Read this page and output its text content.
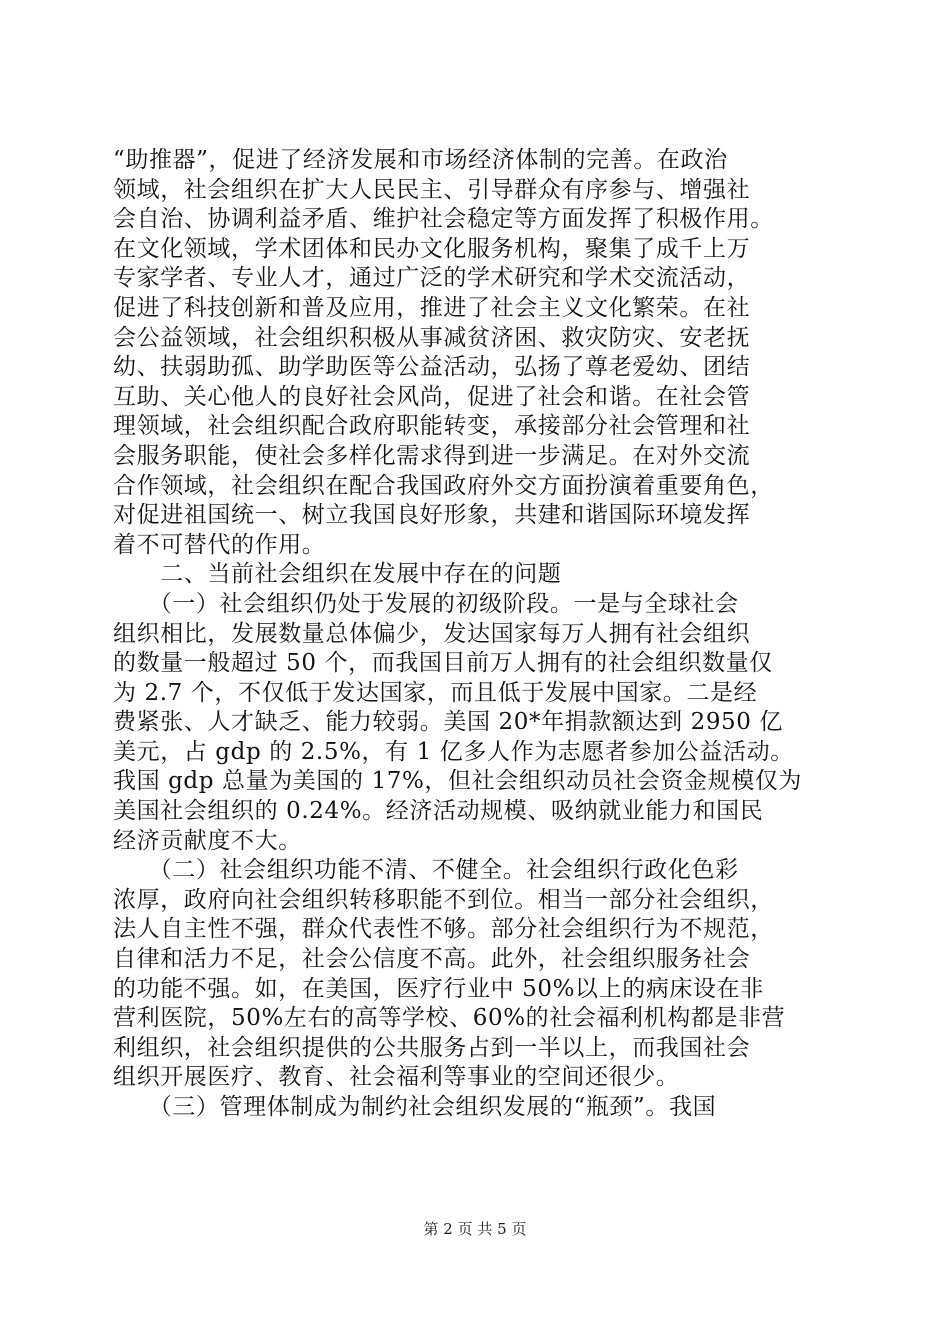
“助推器”，促进了经济发展和市场经济体制的完善。在政治
领域，社会组织在扩大人民民主、引导群众有序参与、增强社
会自治、协调利益矛盾、维护社会稳定等方面发挥了积极作用。
在文化领域，学术团体和民办文化服务机构，聚集了成千上万
专家学者、专业人才，通过广泛的学术研究和学术交流活动，
促进了科技创新和普及应用，推进了社会主义文化繁荣。在社
会公益领域，社会组织积极从事减贫济困、救灾防灾、安老抚
幼、扶弱助孤、助学助医等公益活动，弘扬了尊老爱幼、团结
互助、关心他人的良好社会风尚，促进了社会和谐。在社会管
理领域，社会组织配合政府职能转变，承接部分社会管理和社
会服务职能，使社会多样化需求得到进一步满足。在对外交流
合作领域，社会组织在配合我国政府外交方面扮演着重要角色，
对促进祖国统一、树立我国良好形象，共建和谐国际环境发挥
着不可替代的作用。
　　二、当前社会组织在发展中存在的问题
　　（一）社会组织仍处于发展的初级阶段。一是与全球社会
组织相比，发展数量总体偏少，发达国家每万人拥有社会组织
的数量一般超过 50 个，而我国目前万人拥有的社会组织数量仅
为 2.7 个，不仅低于发达国家，而且低于发展中国家。二是经
费紧张、人才缺乏、能力较弱。美国 20*年捐款额达到 2950 亿
美元，占 gdp 的 2.5%，有 1 亿多人作为志愿者参加公益活动。
我国 gdp 总量为美国的 17%，但社会组织动员社会资金规模仅为
美国社会组织的 0.24%。经济活动规模、吸纳就业能力和国民
经济贡献度不大。
　　（二）社会组织功能不清、不健全。社会组织行政化色彩
浓厚，政府向社会组织转移职能不到位。相当一部分社会组织，
法人自主性不强，群众代表性不够。部分社会组织行为不规范，
自律和活力不足，社会公信度不高。此外，社会组织服务社会
的功能不强。如，在美国，医疗行业中 50%以上的病床设在非
营利医院，50%左右的高等学校、60%的社会福利机构都是非营
利组织，社会组织提供的公共服务占到一半以上，而我国社会
组织开展医疗、教育、社会福利等事业的空间还很少。
　　（三）管理体制成为制约社会组织发展的“瓶颈”。我国
第 2 页 共 5 页
